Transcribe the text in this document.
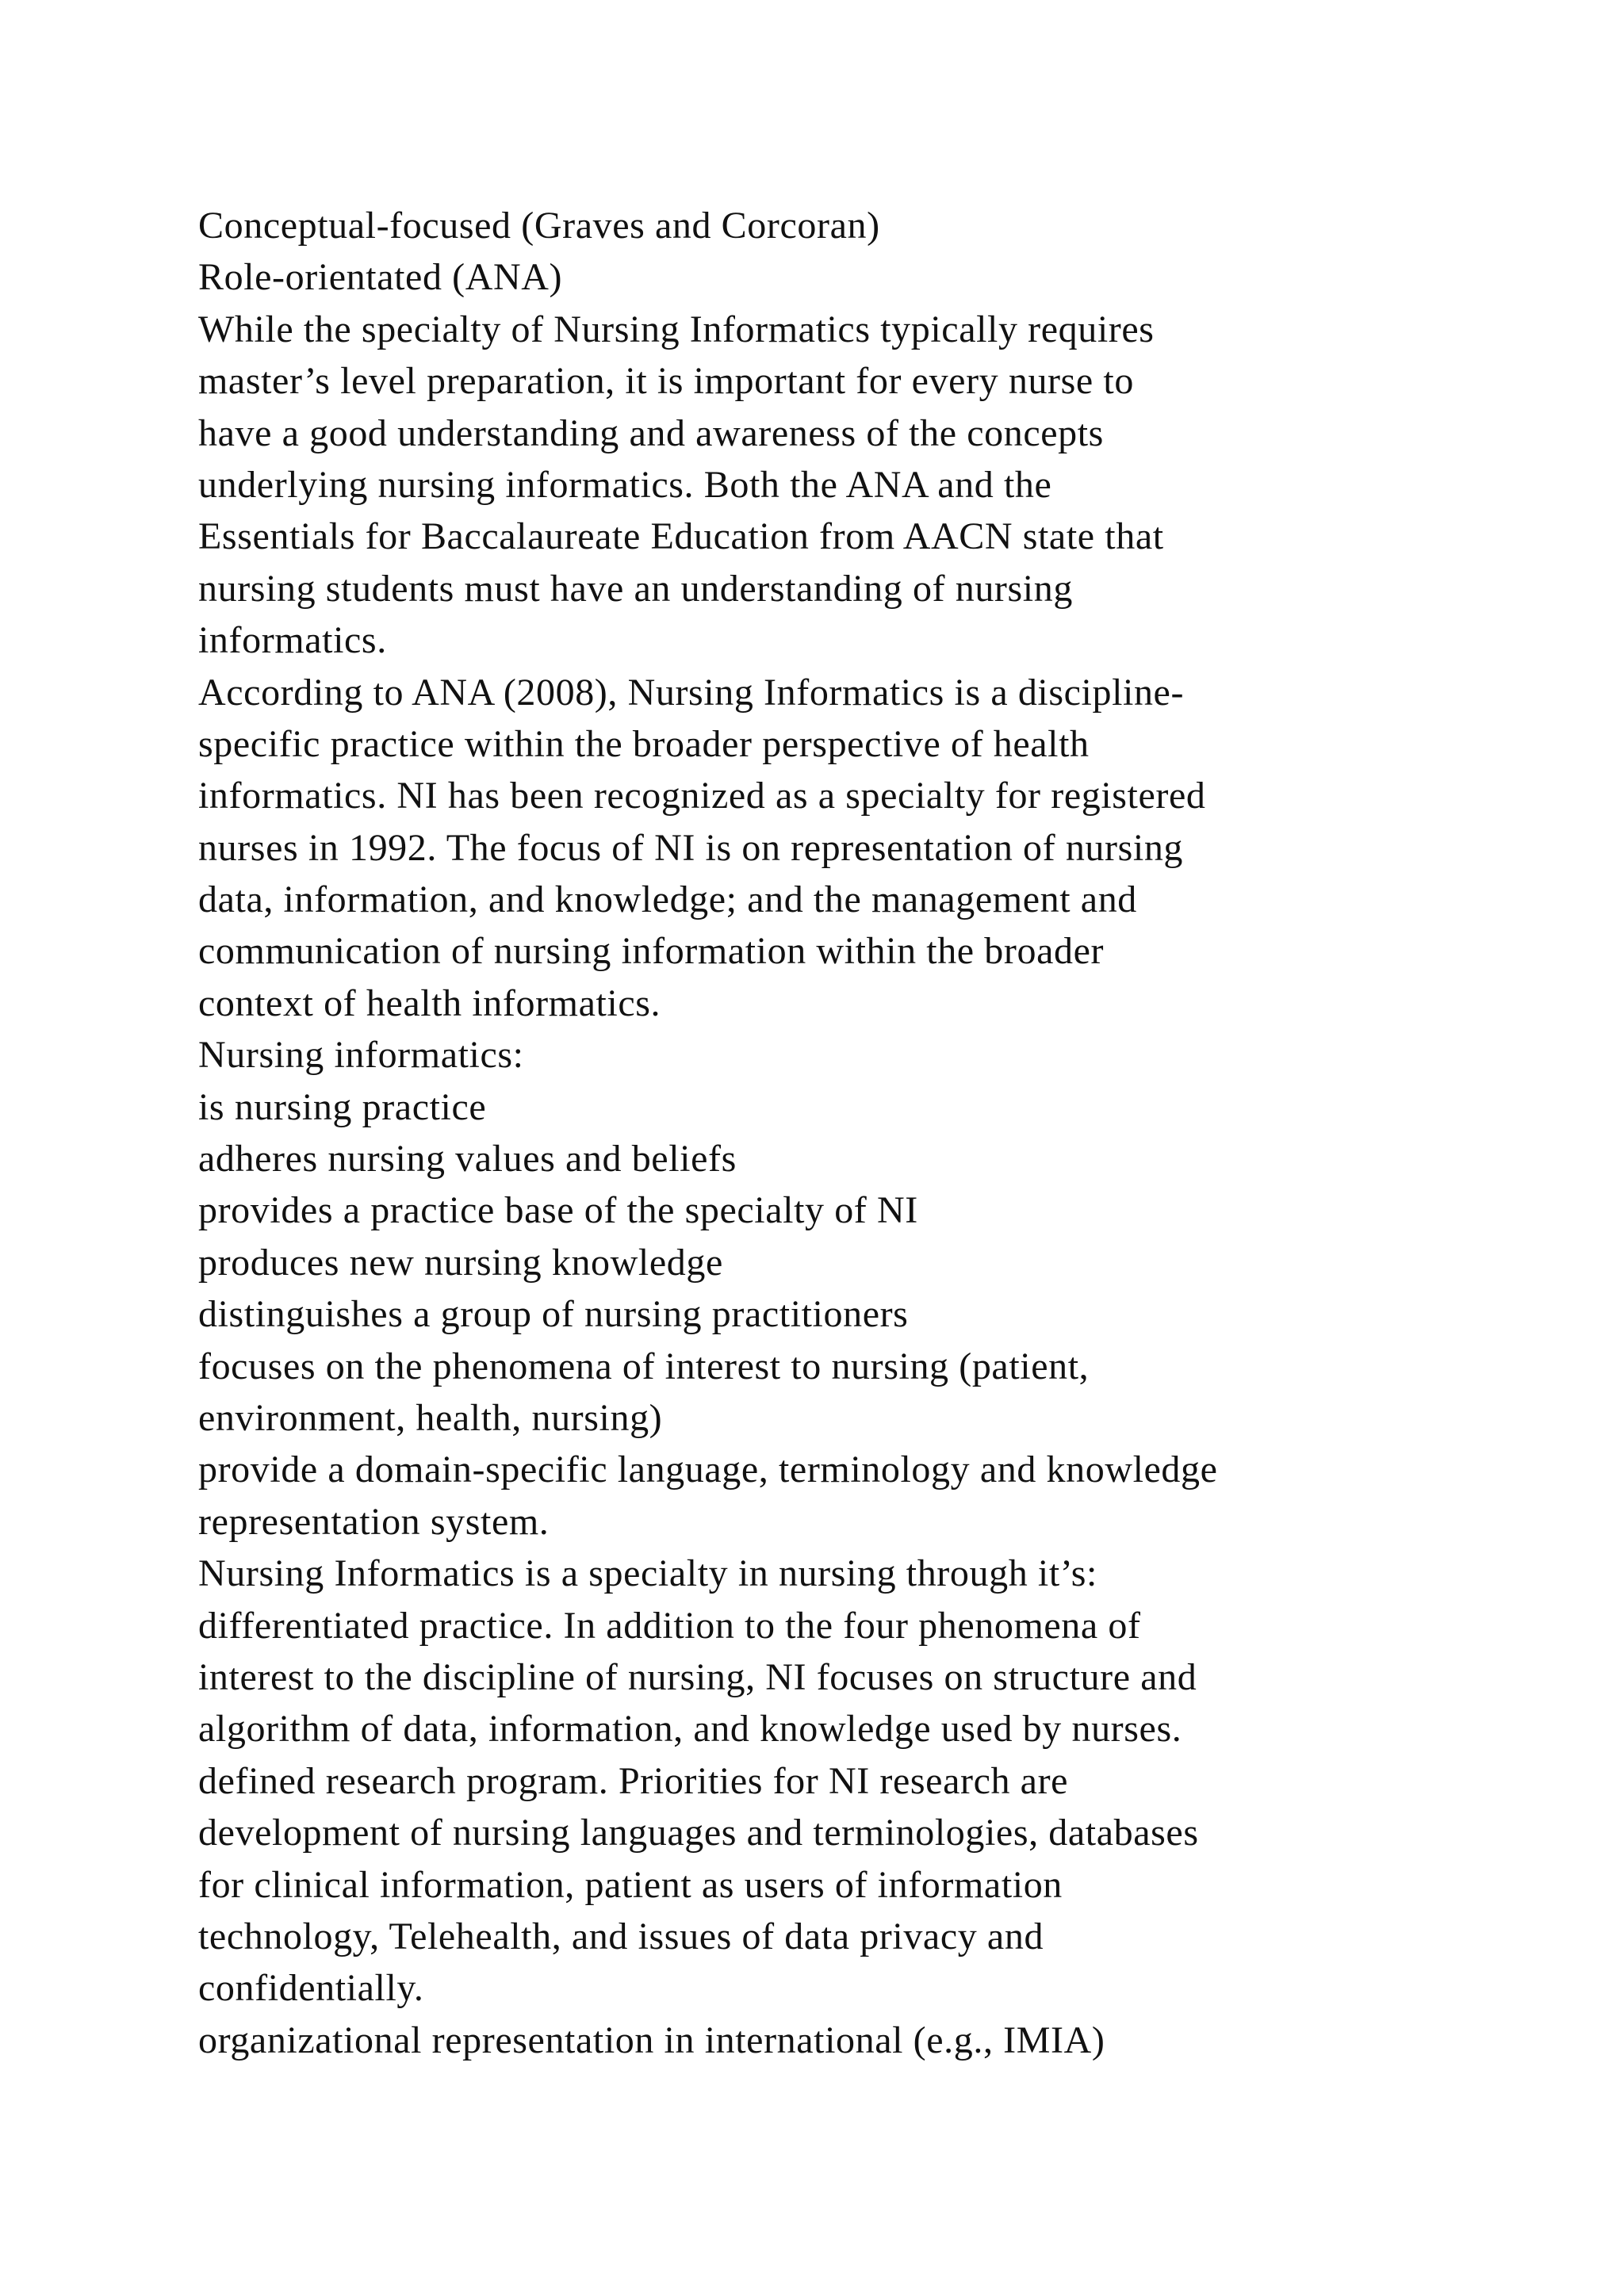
Conceptual-focused (Graves and Corcoran)
Role-orientated (ANA)
While the specialty of Nursing Informatics typically requires
master’s level preparation, it is important for every nurse to
have a good understanding and awareness of the concepts
underlying nursing informatics. Both the ANA and the
Essentials for Baccalaureate Education from AACN state that
nursing students must have an understanding of nursing
informatics.
According to ANA (2008), Nursing Informatics is a discipline-
specific practice within the broader perspective of health
informatics. NI has been recognized as a specialty for registered
nurses in 1992. The focus of NI is on representation of nursing
data, information, and knowledge; and the management and
communication of nursing information within the broader
context of health informatics.
Nursing informatics:
is nursing practice
adheres nursing values and beliefs
provides a practice base of the specialty of NI
produces new nursing knowledge
distinguishes a group of nursing practitioners
focuses on the phenomena of interest to nursing (patient,
environment, health, nursing)
provide a domain-specific language, terminology and knowledge
representation system.
Nursing Informatics is a specialty in nursing through it’s:
differentiated practice. In addition to the four phenomena of
interest to the discipline of nursing, NI focuses on structure and
algorithm of data, information, and knowledge used by nurses.
defined research program. Priorities for NI research are
development of nursing languages and terminologies, databases
for clinical information, patient as users of information
technology, Telehealth, and issues of data privacy and
confidentially.
organizational representation in international (e.g., IMIA)
